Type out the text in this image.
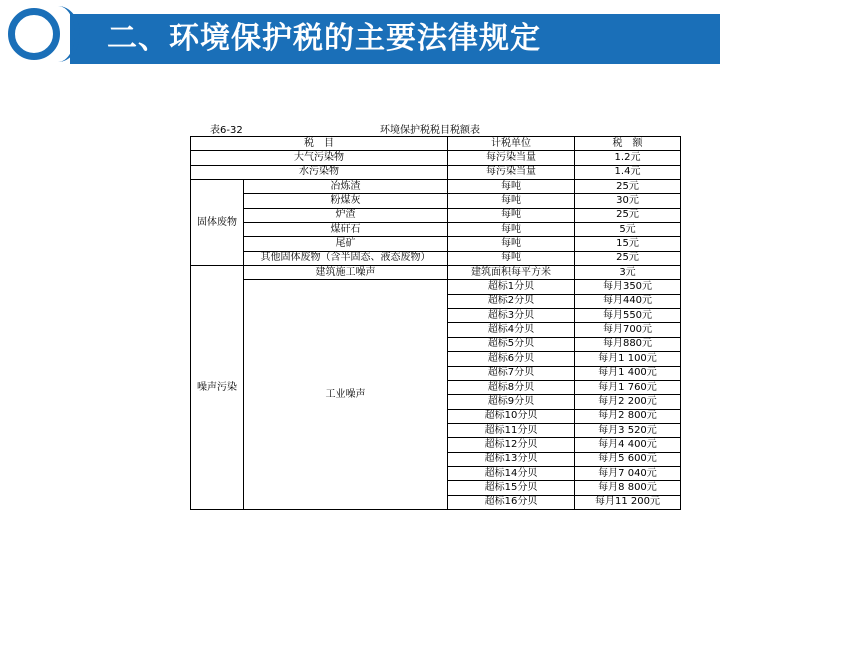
二、环境保护税的主要法律规定
表6-32	环境保护税税目税额表
税　目		计税单位	税　额
大气污染物		每污染当量	1.2元
水污染物		每污染当量	1.4元
固体废物	冶炼渣	每吨	25元
	粉煤灰	每吨	30元
	炉渣	每吨	25元
	煤矸石	每吨	5元
	尾矿	每吨	15元
	其他固体废物（含半固态、液态废物）	每吨	25元
噪声污染	建筑施工噪声	建筑面积每平方米	3元
	工业噪声	超标1分贝	每月350元
		超标2分贝	每月440元
		超标3分贝	每月550元
		超标4分贝	每月700元
		超标5分贝	每月880元
		超标6分贝	每月1 100元
		超标7分贝	每月1 400元
		超标8分贝	每月1 760元
		超标9分贝	每月2 200元
		超标10分贝	每月2 800元
		超标11分贝	每月3 520元
		超标12分贝	每月4 400元
		超标13分贝	每月5 600元
		超标14分贝	每月7 040元
		超标15分贝	每月8 800元
		超标16分贝	每月11 200元
